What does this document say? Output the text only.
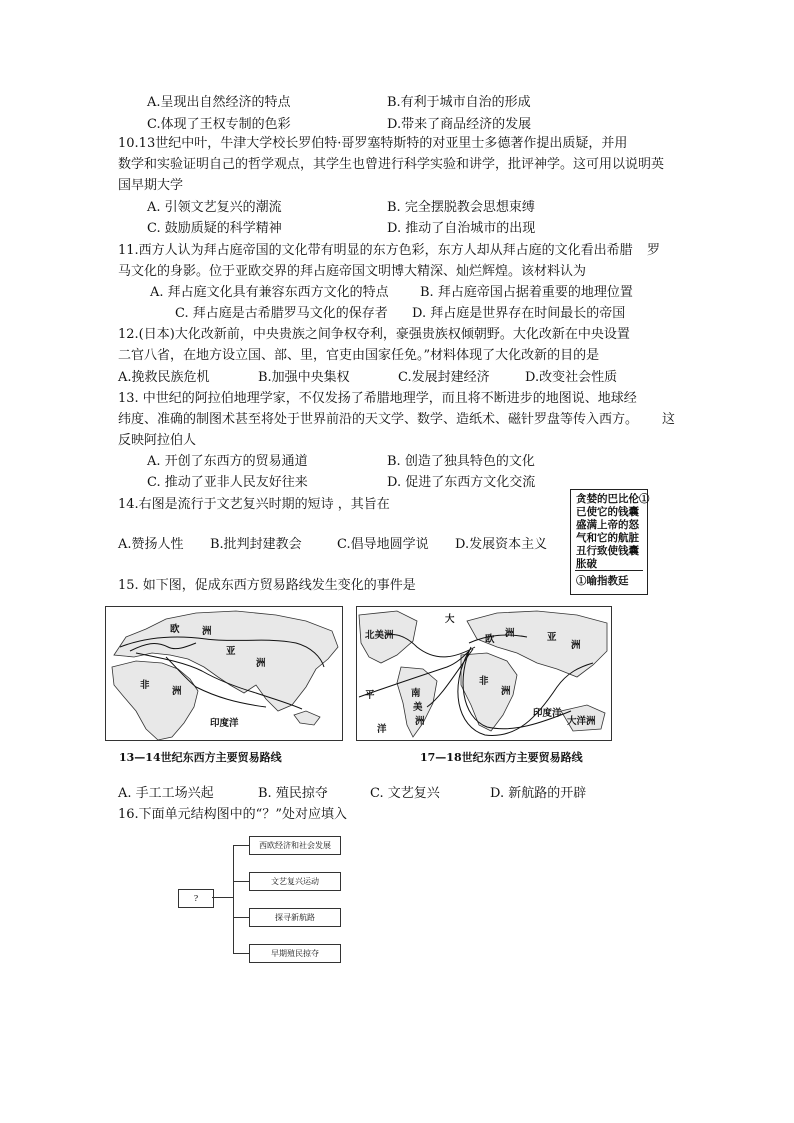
A.呈现出自然经济的特点	B.有利于城市自治的形成
C.体现了王权专制的色彩	D.带来了商品经济的发展
10.13世纪中叶，牛津大学校长罗伯特·哥罗塞特斯特的对亚里士多德著作提出质疑，并用
数学和实验证明自己的哲学观点，其学生也曾进行科学实验和讲学，批评神学。这可用以说明英
国早期大学
A. 引领文艺复兴的潮流	B. 完全摆脱教会思想束缚
C. 鼓励质疑的科学精神	D. 推动了自治城市的出现
11.西方人认为拜占庭帝国的文化带有明显的东方色彩，东方人却从拜占庭的文化看出希腊 罗
马文化的身影。位于亚欧交界的拜占庭帝国文明博大精深、灿烂辉煌。该材料认为
A. 拜占庭文化具有兼容东西方文化的特点 B. 拜占庭帝国占据着重要的地理位置
C. 拜占庭是古希腊罗马文化的保存者 D. 拜占庭是世界存在时间最长的帝国
12.(日本)大化改新前，中央贵族之间争权夺利，豪强贵族权倾朝野。大化改新在中央设置
二官八省，在地方设立国、部、里，官吏由国家任免。”材料体现了大化改新的目的是
A.挽救民族危机	B.加强中央集权	C.发展封建经济	D.改变社会性质
13. 中世纪的阿拉伯地理学家，不仅发扬了希腊地理学，而且将不断进步的地图说、地球经
纬度、准确的制图术甚至将处于世界前沿的天文学、数学、造纸术、磁针罗盘等传入西方。 这
反映阿拉伯人
A. 开创了东西方的贸易通道	B. 创造了独具特色的文化
C. 推动了亚非人民友好往来	D. 促进了东西方文化交流
14.右图是流行于文艺复兴时期的短诗 ，其旨在
A.赞扬人性 B.批判封建教会	C.倡导地圆学说 D.发展资本主义
贪婪的巴比伦①
已使它的钱囊
盛满上帝的怒
气和它的航脏
丑行致使钱囊
胀破
①喻指教廷
15. 如下图，促成东西方贸易路线发生变化的事件是
欧 洲
亚
洲
非
洲
印度洋
13—14世纪东西方主要贸易路线
北美洲
大
欧
洲	亚
洲
非
洲
南
美
洲
平
洋
印度洋
大洋洲
17—18世纪东西方主要贸易路线
A. 手工工场兴起	B. 殖民掠夺	C. 文艺复兴	D. 新航路的开辟
16.下面单元结构图中的“？”处对应填入
?
西欧经济和社会发展
文艺复兴运动
探寻新航路
早期殖民掠夺
